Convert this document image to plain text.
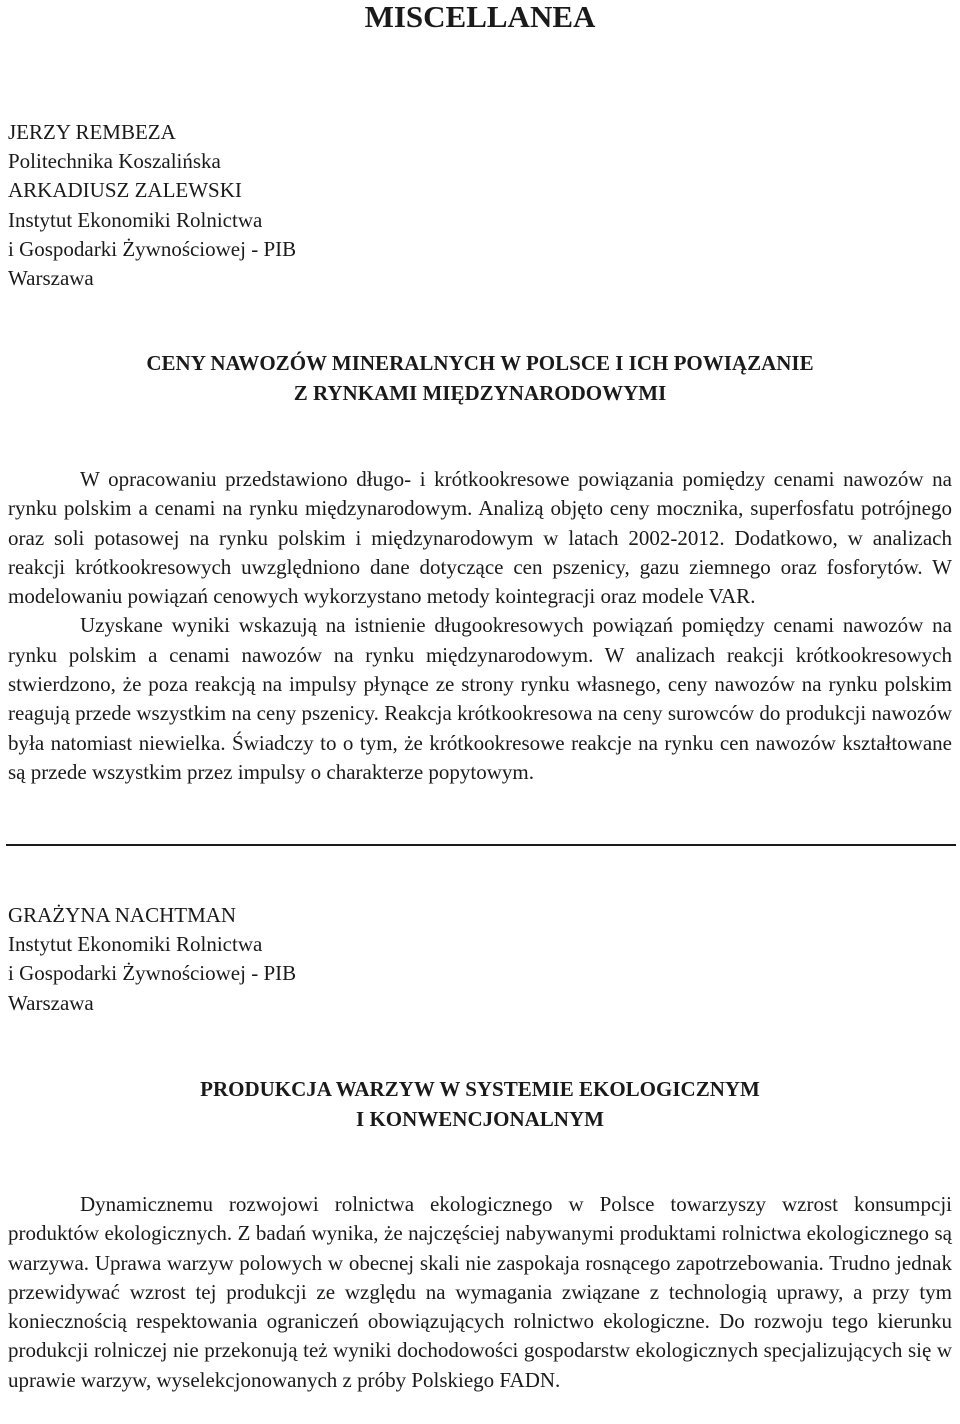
MISCELLANEA
JERZY REMBEZA
Politechnika Koszalińska
ARKADIUSZ ZALEWSKI
Instytut Ekonomiki Rolnictwa
i Gospodarki Żywnościowej - PIB
Warszawa
CENY NAWOZÓW MINERALNYCH W POLSCE I ICH POWIĄZANIE
Z RYNKAMI MIĘDZYNARODOWYMI

W opracowaniu przedstawiono długo- i krótkookresowe powiązania pomiędzy cenami nawozów na rynku polskim a cenami na rynku międzynarodowym. Analizą objęto ceny mocznika, superfosfatu potrójnego oraz soli potasowej na rynku polskim i międzynarodowym w latach 2002-2012. Dodatkowo, w analizach reakcji krótkookresowych uwzględniono dane dotyczące cen pszenicy, gazu ziemnego oraz fosforytów. W modelowaniu powiązań cenowych wykorzystano metody kointegracji oraz modele VAR.

Uzyskane wyniki wskazują na istnienie długookresowych powiązań pomiędzy cenami nawozów na rynku polskim a cenami nawozów na rynku międzynarodowym. W analizach reakcji krótkookresowych stwierdzono, że poza reakcją na impulsy płynące ze strony rynku własnego, ceny nawozów na rynku polskim reagują przede wszystkim na ceny pszenicy. Reakcja krótkookresowa na ceny surowców do produkcji nawozów była natomiast niewielka. Świadczy to o tym, że krótkookresowe reakcje na rynku cen nawozów kształtowane są przede wszystkim przez impulsy o charakterze popytowym.

GRAŻYNA NACHTMAN
Instytut Ekonomiki Rolnictwa
i Gospodarki Żywnościowej - PIB
Warszawa
PRODUKCJA WARZYW W SYSTEMIE EKOLOGICZNYM
I KONWENCJONALNYM

Dynamicznemu rozwojowi rolnictwa ekologicznego w Polsce towarzyszy wzrost konsumpcji produktów ekologicznych. Z badań wynika, że najczęściej nabywanymi produktami rolnictwa ekologicznego są warzywa. Uprawa warzyw polowych w obecnej skali nie zaspokaja rosnącego zapotrzebowania. Trudno jednak przewidywać wzrost tej produkcji ze względu na wymagania związane z technologią uprawy, a przy tym koniecznością respektowania ograniczeń obowiązujących rolnictwo ekologiczne. Do rozwoju tego kierunku produkcji rolniczej nie przekonują też wyniki dochodowości gospodarstw ekologicznych specjalizujących się w uprawie warzyw, wyselekcjonowanych z próby Polskiego FADN.
